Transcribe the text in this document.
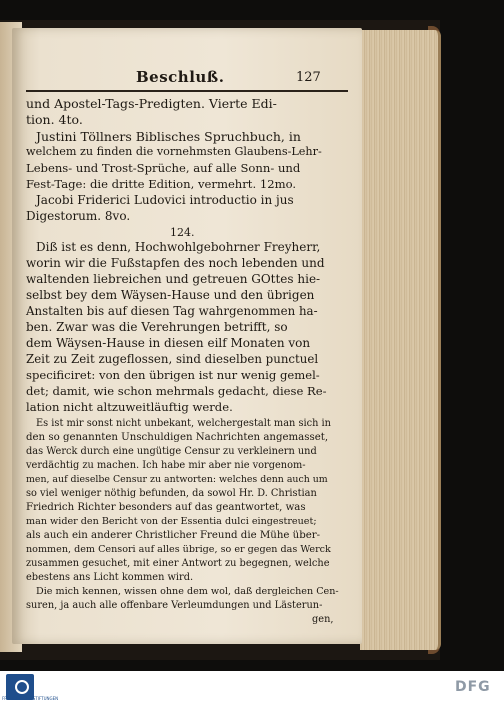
Beschluß.	127
und Apostel-Tags-Predigten. Vierte Edi-
tion. 4to.
Justini Töllners Biblisches Spruchbuch, in
welchem zu finden die vornehmsten Glaubens-Lehr-
Lebens- und Trost-Sprüche, auf alle Sonn- und
Fest-Tage: die dritte Edition, vermehrt. 12mo.
Jacobi Friderici Ludovici introductio in jus
Digestorum. 8vo.
124.
Diß ist es denn, Hochwohlgebohrner Freyherr,
worin wir die Fußstapfen des noch lebenden und
waltenden liebreichen und getreuen GOttes hie-
selbst bey dem Wäysen-Hause und den übrigen
Anstalten bis auf diesen Tag wahrgenommen ha-
ben. Zwar was die Verehrungen betrifft, so
dem Wäysen-Hause in diesen eilf Monaten von
Zeit zu Zeit zugeflossen, sind dieselben punctuel
specificiret: von den übrigen ist nur wenig gemel-
det; damit, wie schon mehrmals gedacht, diese Re-
lation nicht altzuweitläuftig werde.
Es ist mir sonst nicht unbekant, welchergestalt man sich in
den so genannten Unschuldigen Nachrichten angemasset,
das Werck durch eine ungütige Censur zu verkleinern und
verdächtig zu machen. Ich habe mir aber nie vorgenom-
men, auf dieselbe Censur zu antworten: welches denn auch um
so viel weniger nöthig befunden, da sowol Hr. D. Christian
Friedrich Richter besonders auf das geantwortet, was
man wider den Bericht von der Essentia dulci eingestreuet;
als auch ein anderer Christlicher Freund die Mühe über-
nommen, dem Censori auf alles übrige, so er gegen das Werck
zusammen gesuchet, mit einer Antwort zu begegnen, welche
ebestens ans Licht kommen wird.
Die mich kennen, wissen ohne dem wol, daß dergleichen Cen-
suren, ja auch alle offenbare Verleumdungen und Lästerun-
gen,
FRANCKESCHE STIFTUNGEN
DFG
